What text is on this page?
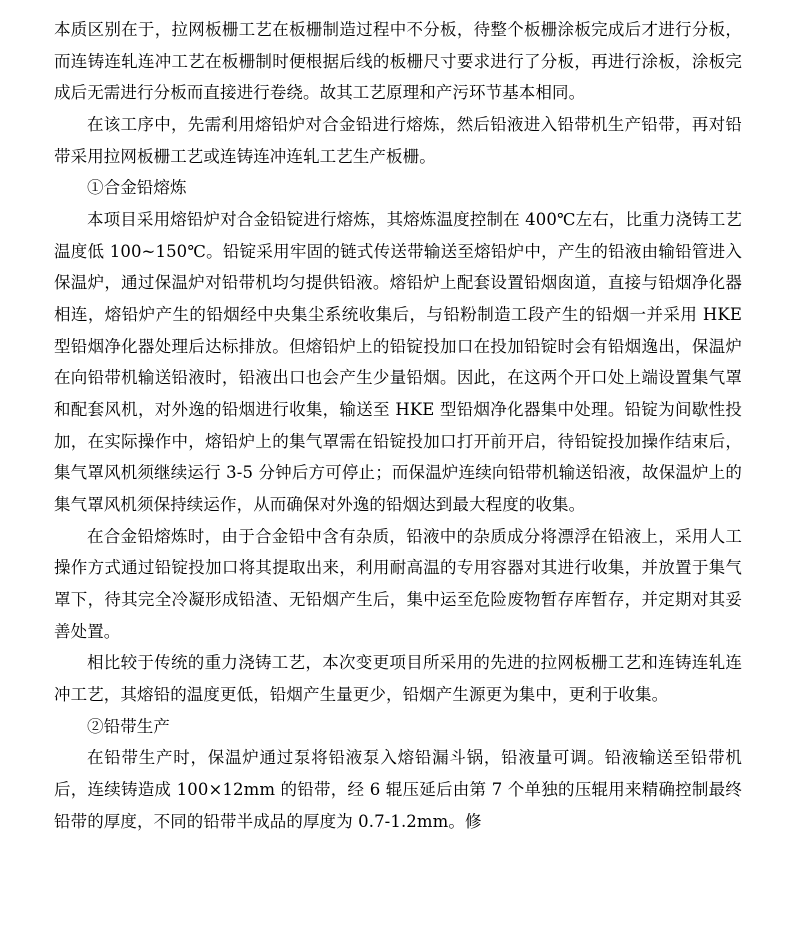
本质区别在于，拉网板栅工艺在板栅制造过程中不分板，待整个板栅涂板完成后才进行分板，而连铸连轧连冲工艺在板栅制时便根据后线的板栅尺寸要求进行了分板，再进行涂板，涂板完成后无需进行分板而直接进行卷绕。故其工艺原理和产污环节基本相同。

在该工序中，先需利用熔铅炉对合金铅进行熔炼，然后铅液进入铅带机生产铅带，再对铅带采用拉网板栅工艺或连铸连冲连轧工艺生产板栅。

①合金铅熔炼

本项目采用熔铅炉对合金铅锭进行熔炼，其熔炼温度控制在 400℃左右，比重力浇铸工艺温度低 100~150℃。铅锭采用牢固的链式传送带输送至熔铅炉中，产生的铅液由输铅管进入保温炉，通过保温炉对铅带机均匀提供铅液。熔铅炉上配套设置铅烟囱道，直接与铅烟净化器相连，熔铅炉产生的铅烟经中央集尘系统收集后，与铅粉制造工段产生的铅烟一并采用 HKE 型铅烟净化器处理后达标排放。但熔铅炉上的铅锭投加口在投加铅锭时会有铅烟逸出，保温炉在向铅带机输送铅液时，铅液出口也会产生少量铅烟。因此，在这两个开口处上端设置集气罩和配套风机，对外逸的铅烟进行收集，输送至 HKE 型铅烟净化器集中处理。铅锭为间歇性投加，在实际操作中，熔铅炉上的集气罩需在铅锭投加口打开前开启，待铅锭投加操作结束后，集气罩风机须继续运行 3-5 分钟后方可停止；而保温炉连续向铅带机输送铅液，故保温炉上的集气罩风机须保持续运作，从而确保对外逸的铅烟达到最大程度的收集。

在合金铅熔炼时，由于合金铅中含有杂质，铅液中的杂质成分将漂浮在铅液上，采用人工操作方式通过铅锭投加口将其提取出来，利用耐高温的专用容器对其进行收集，并放置于集气罩下，待其完全冷凝形成铅渣、无铅烟产生后，集中运至危险废物暂存库暂存，并定期对其妥善处置。

相比较于传统的重力浇铸工艺，本次变更项目所采用的先进的拉网板栅工艺和连铸连轧连冲工艺，其熔铅的温度更低，铅烟产生量更少，铅烟产生源更为集中，更利于收集。

②铅带生产

在铅带生产时，保温炉通过泵将铅液泵入熔铅漏斗锅，铅液量可调。铅液输送至铅带机后，连续铸造成 100×12mm 的铅带，经 6 辊压延后由第 7 个单独的压辊用来精确控制最终铅带的厚度，不同的铅带半成品的厚度为 0.7-1.2mm。修
